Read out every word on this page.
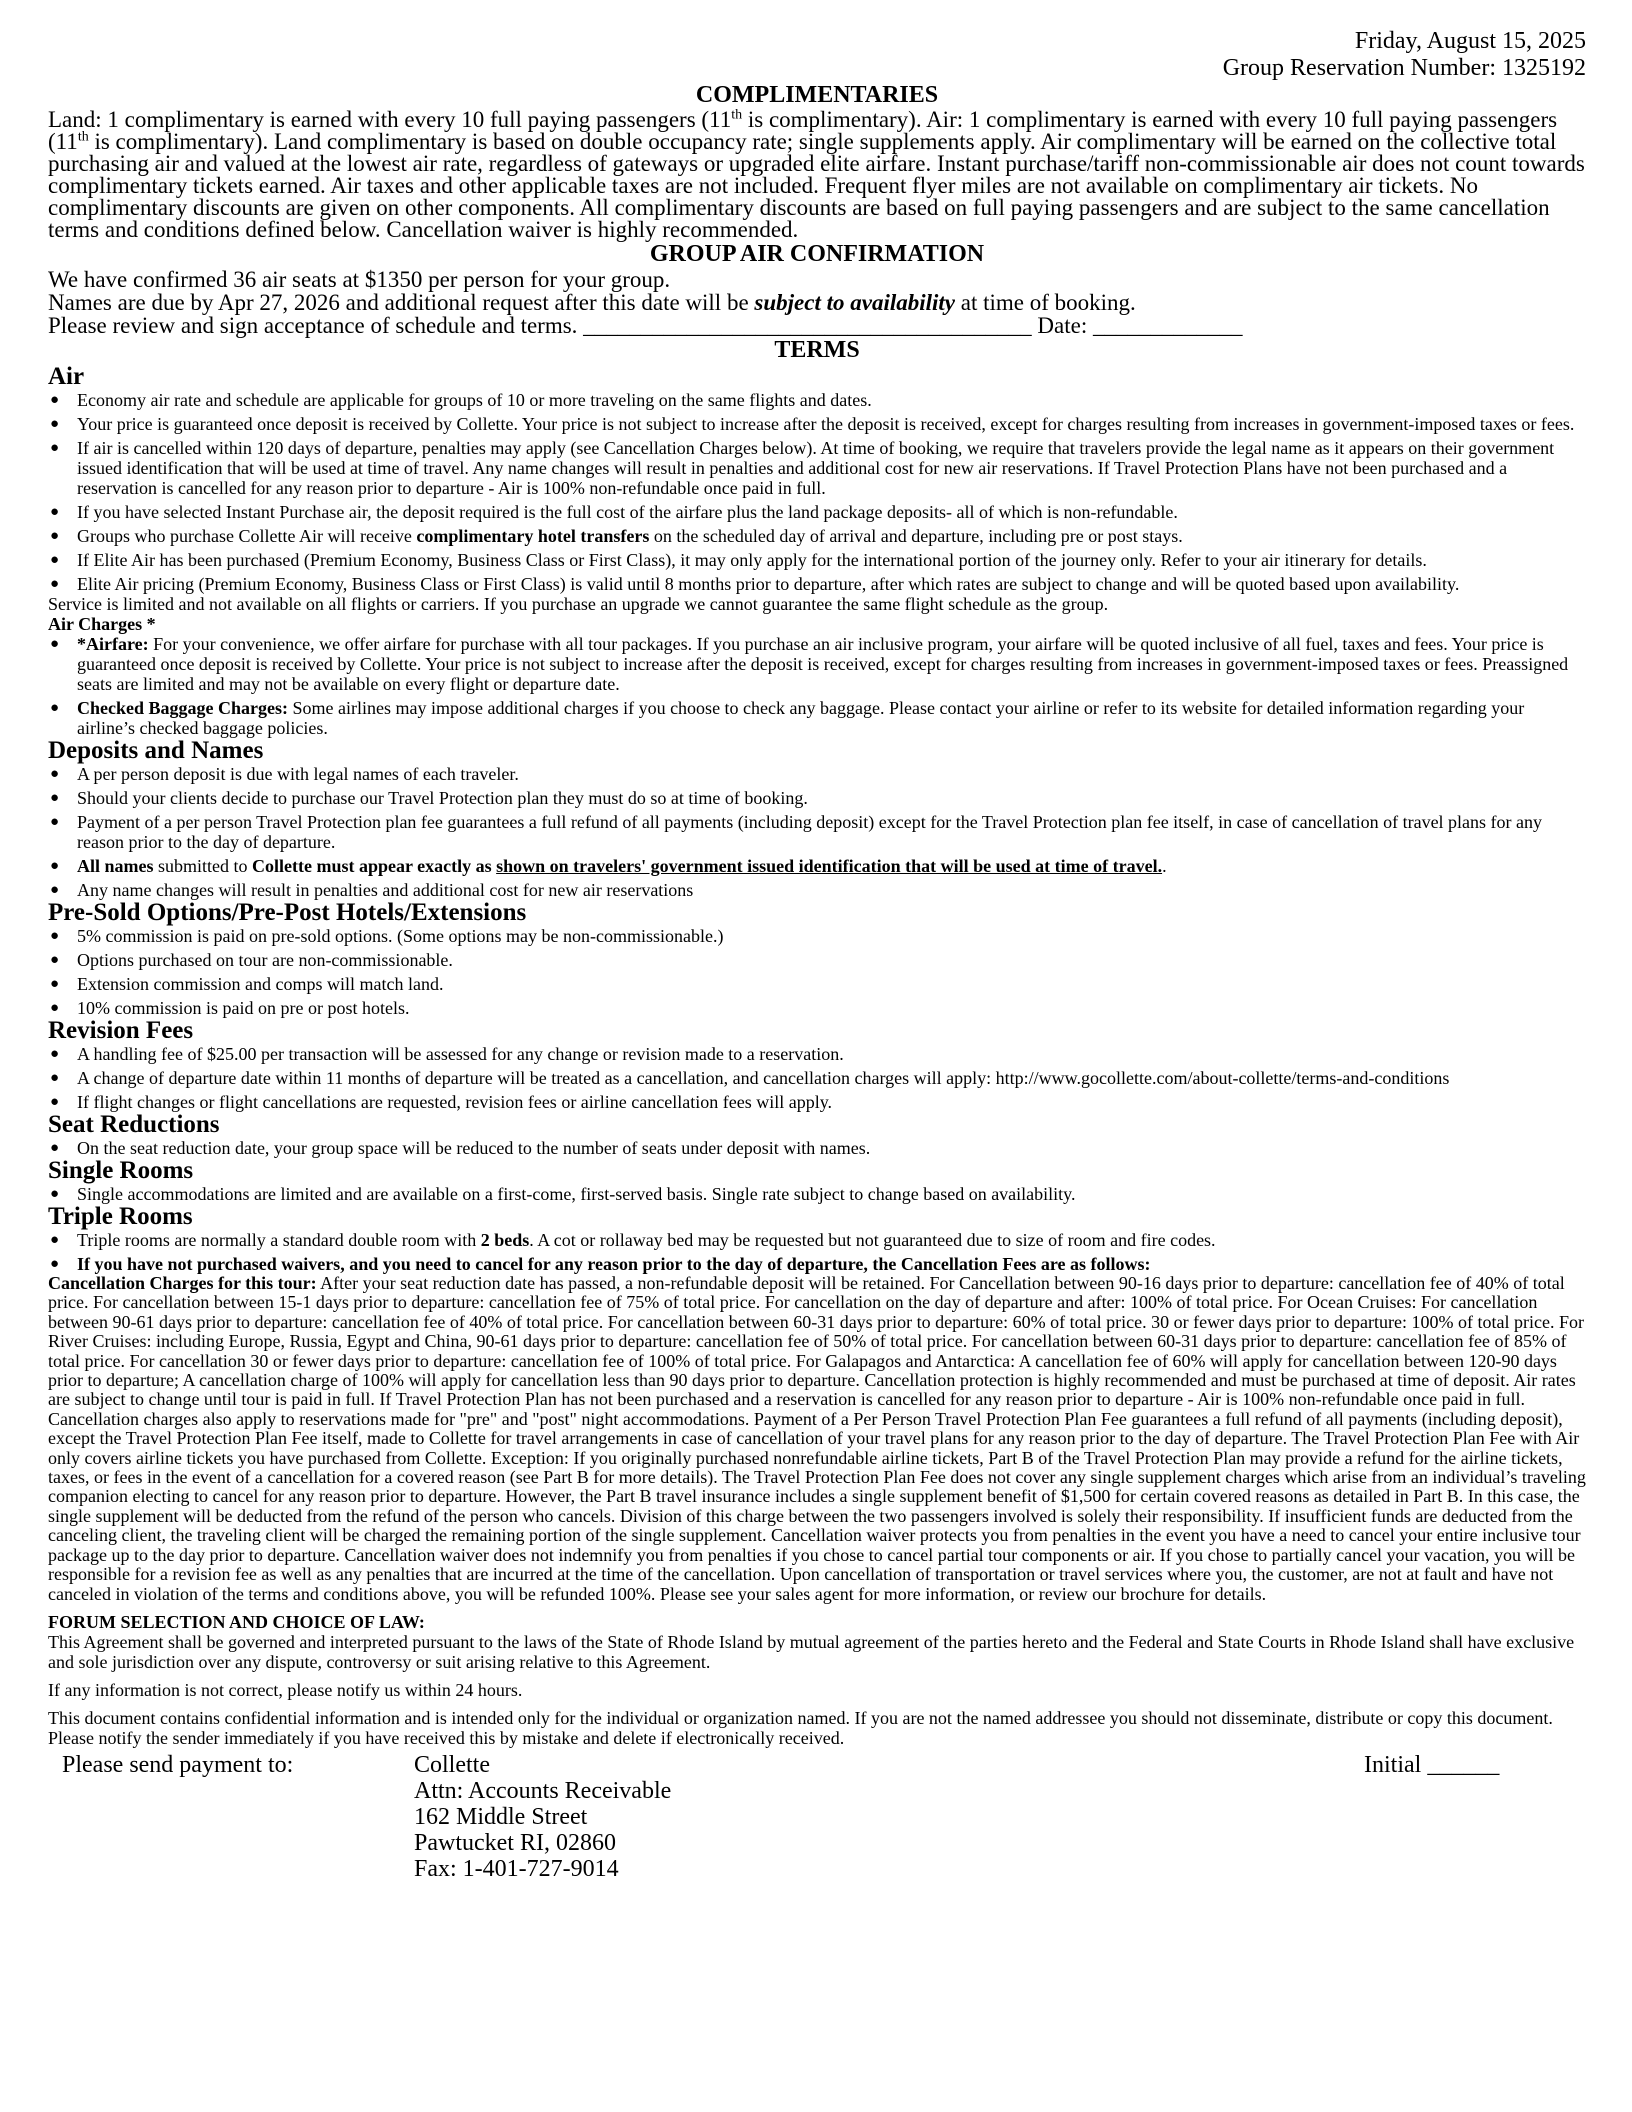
Friday, August 15, 2025
Group Reservation Number: 1325192
COMPLIMENTARIES
Land: 1 complimentary is earned with every 10 full paying passengers (11th is complimentary). Air: 1 complimentary is earned with every 10 full paying passengers (11th is complimentary). Land complimentary is based on double occupancy rate; single supplements apply. Air complimentary will be earned on the collective total purchasing air and valued at the lowest air rate, regardless of gateways or upgraded elite airfare. Instant purchase/tariff non-commissionable air does not count towards complimentary tickets earned. Air taxes and other applicable taxes are not included. Frequent flyer miles are not available on complimentary air tickets. No complimentary discounts are given on other components. All complimentary discounts are based on full paying passengers and are subject to the same cancellation terms and conditions defined below. Cancellation waiver is highly recommended.
GROUP AIR CONFIRMATION
We have confirmed 36 air seats at $1350 per person for your group.
Names are due by Apr 27, 2026 and additional request after this date will be subject to availability at time of booking.
Please review and sign acceptance of schedule and terms. _______________________________________ Date: _____________
TERMS
Air
● Economy air rate and schedule are applicable for groups of 10 or more traveling on the same flights and dates.
● Your price is guaranteed once deposit is received by Collette. Your price is not subject to increase after the deposit is received, except for charges resulting from increases in government-imposed taxes or fees.
● If air is cancelled within 120 days of departure, penalties may apply (see Cancellation Charges below). At time of booking, we require that travelers provide the legal name as it appears on their government issued identification that will be used at time of travel. Any name changes will result in penalties and additional cost for new air reservations. If Travel Protection Plans have not been purchased and a reservation is cancelled for any reason prior to departure - Air is 100% non-refundable once paid in full.
● If you have selected Instant Purchase air, the deposit required is the full cost of the airfare plus the land package deposits- all of which is non-refundable.
● Groups who purchase Collette Air will receive complimentary hotel transfers on the scheduled day of arrival and departure, including pre or post stays.
● If Elite Air has been purchased (Premium Economy, Business Class or First Class), it may only apply for the international portion of the journey only. Refer to your air itinerary for details.
● Elite Air pricing (Premium Economy, Business Class or First Class) is valid until 8 months prior to departure, after which rates are subject to change and will be quoted based upon availability.
Service is limited and not available on all flights or carriers. If you purchase an upgrade we cannot guarantee the same flight schedule as the group.
Air Charges *
● *Airfare: For your convenience, we offer airfare for purchase with all tour packages. If you purchase an air inclusive program, your airfare will be quoted inclusive of all fuel, taxes and fees. Your price is guaranteed once deposit is received by Collette. Your price is not subject to increase after the deposit is received, except for charges resulting from increases in government-imposed taxes or fees. Preassigned seats are limited and may not be available on every flight or departure date.
● Checked Baggage Charges: Some airlines may impose additional charges if you choose to check any baggage. Please contact your airline or refer to its website for detailed information regarding your airline’s checked baggage policies.
Deposits and Names
● A per person deposit is due with legal names of each traveler.
● Should your clients decide to purchase our Travel Protection plan they must do so at time of booking.
● Payment of a per person Travel Protection plan fee guarantees a full refund of all payments (including deposit) except for the Travel Protection plan fee itself, in case of cancellation of travel plans for any reason prior to the day of departure.
● All names submitted to Collette must appear exactly as shown on travelers' government issued identification that will be used at time of travel..
● Any name changes will result in penalties and additional cost for new air reservations
Pre-Sold Options/Pre-Post Hotels/Extensions
● 5% commission is paid on pre-sold options. (Some options may be non-commissionable.)
● Options purchased on tour are non-commissionable.
● Extension commission and comps will match land.
● 10% commission is paid on pre or post hotels.
Revision Fees
● A handling fee of $25.00 per transaction will be assessed for any change or revision made to a reservation.
● A change of departure date within 11 months of departure will be treated as a cancellation, and cancellation charges will apply: http://www.gocollette.com/about-collette/terms-and-conditions
● If flight changes or flight cancellations are requested, revision fees or airline cancellation fees will apply.
Seat Reductions
● On the seat reduction date, your group space will be reduced to the number of seats under deposit with names.
Single Rooms
● Single accommodations are limited and are available on a first-come, first-served basis. Single rate subject to change based on availability.
Triple Rooms
● Triple rooms are normally a standard double room with 2 beds. A cot or rollaway bed may be requested but not guaranteed due to size of room and fire codes.
● If you have not purchased waivers, and you need to cancel for any reason prior to the day of departure, the Cancellation Fees are as follows:
Cancellation Charges for this tour: After your seat reduction date has passed, a non-refundable deposit will be retained. For Cancellation between 90-16 days prior to departure: cancellation fee of 40% of total price. For cancellation between 15-1 days prior to departure: cancellation fee of 75% of total price. For cancellation on the day of departure and after: 100% of total price. For Ocean Cruises: For cancellation between 90-61 days prior to departure: cancellation fee of 40% of total price. For cancellation between 60-31 days prior to departure: 60% of total price. 30 or fewer days prior to departure: 100% of total price. For River Cruises: including Europe, Russia, Egypt and China, 90-61 days prior to departure: cancellation fee of 50% of total price. For cancellation between 60-31 days prior to departure: cancellation fee of 85% of total price. For cancellation 30 or fewer days prior to departure: cancellation fee of 100% of total price. For Galapagos and Antarctica: A cancellation fee of 60% will apply for cancellation between 120-90 days prior to departure; A cancellation charge of 100% will apply for cancellation less than 90 days prior to departure. Cancellation protection is highly recommended and must be purchased at time of deposit. Air rates are subject to change until tour is paid in full. If Travel Protection Plan has not been purchased and a reservation is cancelled for any reason prior to departure - Air is 100% non-refundable once paid in full. Cancellation charges also apply to reservations made for "pre" and "post" night accommodations. Payment of a Per Person Travel Protection Plan Fee guarantees a full refund of all payments (including deposit), except the Travel Protection Plan Fee itself, made to Collette for travel arrangements in case of cancellation of your travel plans for any reason prior to the day of departure. The Travel Protection Plan Fee with Air only covers airline tickets you have purchased from Collette. Exception: If you originally purchased nonrefundable airline tickets, Part B of the Travel Protection Plan may provide a refund for the airline tickets, taxes, or fees in the event of a cancellation for a covered reason (see Part B for more details). The Travel Protection Plan Fee does not cover any single supplement charges which arise from an individual’s traveling companion electing to cancel for any reason prior to departure. However, the Part B travel insurance includes a single supplement benefit of $1,500 for certain covered reasons as detailed in Part B. In this case, the single supplement will be deducted from the refund of the person who cancels. Division of this charge between the two passengers involved is solely their responsibility. If insufficient funds are deducted from the canceling client, the traveling client will be charged the remaining portion of the single supplement. Cancellation waiver protects you from penalties in the event you have a need to cancel your entire inclusive tour package up to the day prior to departure. Cancellation waiver does not indemnify you from penalties if you chose to cancel partial tour components or air. If you chose to partially cancel your vacation, you will be responsible for a revision fee as well as any penalties that are incurred at the time of the cancellation. Upon cancellation of transportation or travel services where you, the customer, are not at fault and have not canceled in violation of the terms and conditions above, you will be refunded 100%. Please see your sales agent for more information, or review our brochure for details.
FORUM SELECTION AND CHOICE OF LAW:
This Agreement shall be governed and interpreted pursuant to the laws of the State of Rhode Island by mutual agreement of the parties hereto and the Federal and State Courts in Rhode Island shall have exclusive and sole jurisdiction over any dispute, controversy or suit arising relative to this Agreement.
If any information is not correct, please notify us within 24 hours.
This document contains confidential information and is intended only for the individual or organization named. If you are not the named addressee you should not disseminate, distribute or copy this document. Please notify the sender immediately if you have received this by mistake and delete if electronically received.
Please send payment to:	Collette
Attn: Accounts Receivable
162 Middle Street
Pawtucket RI, 02860
Fax: 1-401-727-9014
Initial ______
